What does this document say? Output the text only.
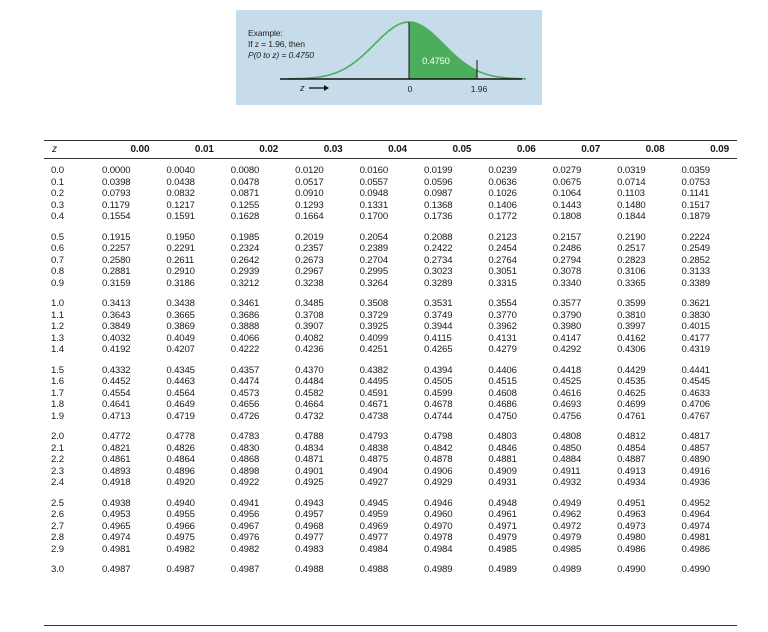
0.4750
0	1.96
z
Example:
If z = 1.96, then
P(0 to z) = 0.4750
z	0.00	0.01	0.02	0.03	0.04	0.05	0.06	0.07	0.08	0.09
0.0	0.0000	0.0040	0.0080	0.0120	0.0160	0.0199	0.0239	0.0279	0.0319	0.0359
0.1	0.0398	0.0438	0.0478	0.0517	0.0557	0.0596	0.0636	0.0675	0.0714	0.0753
0.2	0.0793	0.0832	0.0871	0.0910	0.0948	0.0987	0.1026	0.1064	0.1103	0.1141
0.3	0.1179	0.1217	0.1255	0.1293	0.1331	0.1368	0.1406	0.1443	0.1480	0.1517
0.4	0.1554	0.1591	0.1628	0.1664	0.1700	0.1736	0.1772	0.1808	0.1844	0.1879
0.5	0.1915	0.1950	0.1985	0.2019	0.2054	0.2088	0.2123	0.2157	0.2190	0.2224
0.6	0.2257	0.2291	0.2324	0.2357	0.2389	0.2422	0.2454	0.2486	0.2517	0.2549
0.7	0.2580	0.2611	0.2642	0.2673	0.2704	0.2734	0.2764	0.2794	0.2823	0.2852
0.8	0.2881	0.2910	0.2939	0.2967	0.2995	0.3023	0.3051	0.3078	0.3106	0.3133
0.9	0.3159	0.3186	0.3212	0.3238	0.3264	0.3289	0.3315	0.3340	0.3365	0.3389
1.0	0.3413	0.3438	0.3461	0.3485	0.3508	0.3531	0.3554	0.3577	0.3599	0.3621
1.1	0.3643	0.3665	0.3686	0.3708	0.3729	0.3749	0.3770	0.3790	0.3810	0.3830
1.2	0.3849	0.3869	0.3888	0.3907	0.3925	0.3944	0.3962	0.3980	0.3997	0.4015
1.3	0.4032	0.4049	0.4066	0.4082	0.4099	0.4115	0.4131	0.4147	0.4162	0.4177
1.4	0.4192	0.4207	0.4222	0.4236	0.4251	0.4265	0.4279	0.4292	0.4306	0.4319
1.5	0.4332	0.4345	0.4357	0.4370	0.4382	0.4394	0.4406	0.4418	0.4429	0.4441
1.6	0.4452	0.4463	0.4474	0.4484	0.4495	0.4505	0.4515	0.4525	0.4535	0.4545
1.7	0.4554	0.4564	0.4573	0.4582	0.4591	0.4599	0.4608	0.4616	0.4625	0.4633
1.8	0.4641	0.4649	0.4656	0.4664	0.4671	0.4678	0.4686	0.4693	0.4699	0.4706
1.9	0.4713	0.4719	0.4726	0.4732	0.4738	0.4744	0.4750	0.4756	0.4761	0.4767
2.0	0.4772	0.4778	0.4783	0.4788	0.4793	0.4798	0.4803	0.4808	0.4812	0.4817
2.1	0.4821	0.4826	0.4830	0.4834	0.4838	0.4842	0.4846	0.4850	0.4854	0.4857
2.2	0.4861	0.4864	0.4868	0.4871	0.4875	0.4878	0.4881	0.4884	0.4887	0.4890
2.3	0.4893	0.4896	0.4898	0.4901	0.4904	0.4906	0.4909	0.4911	0.4913	0.4916
2.4	0.4918	0.4920	0.4922	0.4925	0.4927	0.4929	0.4931	0.4932	0.4934	0.4936
2.5	0.4938	0.4940	0.4941	0.4943	0.4945	0.4946	0.4948	0.4949	0.4951	0.4952
2.6	0.4953	0.4955	0.4956	0.4957	0.4959	0.4960	0.4961	0.4962	0.4963	0.4964
2.7	0.4965	0.4966	0.4967	0.4968	0.4969	0.4970	0.4971	0.4972	0.4973	0.4974
2.8	0.4974	0.4975	0.4976	0.4977	0.4977	0.4978	0.4979	0.4979	0.4980	0.4981
2.9	0.4981	0.4982	0.4982	0.4983	0.4984	0.4984	0.4985	0.4985	0.4986	0.4986
3.0	0.4987	0.4987	0.4987	0.4988	0.4988	0.4989	0.4989	0.4989	0.4990	0.4990
